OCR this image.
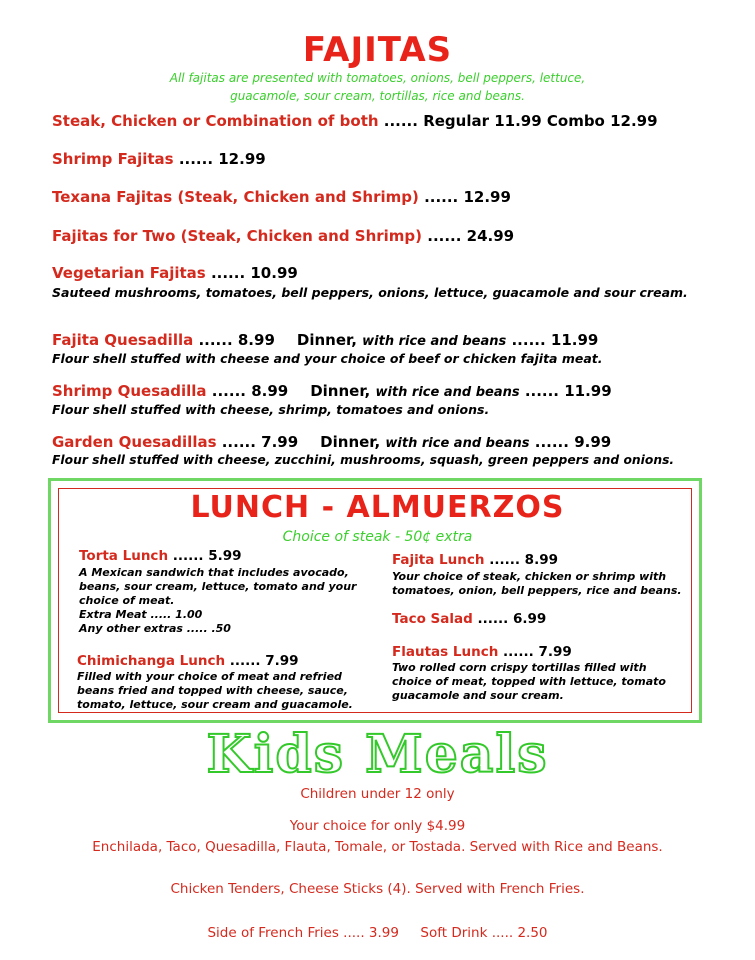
FAJITAS
All fajitas are presented with tomatoes, onions, bell peppers, lettuce,
guacamole, sour cream, tortillas, rice and beans.
Steak, Chicken or Combination of both ...... Regular 11.99 Combo 12.99
Shrimp Fajitas ...... 12.99
Texana Fajitas (Steak, Chicken and Shrimp) ...... 12.99
Fajitas for Two (Steak, Chicken and Shrimp) ...... 24.99
Vegetarian Fajitas ...... 10.99
Sauteed mushrooms, tomatoes, bell peppers, onions, lettuce, guacamole and sour cream.
Fajita Quesadilla ...... 8.99 Dinner, with rice and beans ...... 11.99
Flour shell stuffed with cheese and your choice of beef or chicken fajita meat.
Shrimp Quesadilla ...... 8.99 Dinner, with rice and beans ...... 11.99
Flour shell stuffed with cheese, shrimp, tomatoes and onions.
Garden Quesadillas ...... 7.99 Dinner, with rice and beans ...... 9.99
Flour shell stuffed with cheese, zucchini, mushrooms, squash, green peppers and onions.
LUNCH - ALMUERZOS
Choice of steak - 50¢ extra
Torta Lunch ...... 5.99
A Mexican sandwich that includes avocado,
beans, sour cream, lettuce, tomato and your
choice of meat.
Extra Meat ..... 1.00
Any other extras ..... .50
Chimichanga Lunch ...... 7.99
Filled with your choice of meat and refried
beans fried and topped with cheese, sauce,
tomato, lettuce, sour cream and guacamole.
Fajita Lunch ...... 8.99
Your choice of steak, chicken or shrimp with
tomatoes, onion, bell peppers, rice and beans.
Taco Salad ...... 6.99
Flautas Lunch ...... 7.99
Two rolled corn crispy tortillas filled with
choice of meat, topped with lettuce, tomato
guacamole and sour cream.
Kids Meals
Children under 12 only
Your choice for only $4.99
Enchilada, Taco, Quesadilla, Flauta, Tomale, or Tostada. Served with Rice and Beans.
Chicken Tenders, Cheese Sticks (4). Served with French Fries.
Side of French Fries ..... 3.99     Soft Drink ..... 2.50
